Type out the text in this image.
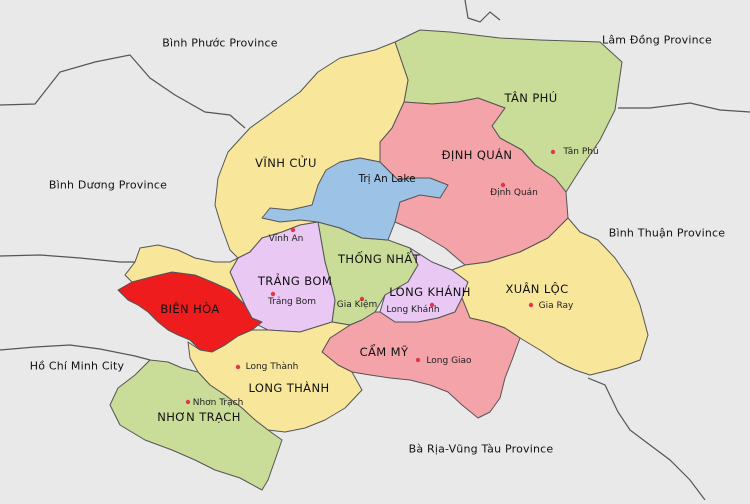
Bình Phước Province	Lâm Đồng Province
Bình Dương Province
Bình Thuận Province
Hồ Chí Minh City
Bà Rịa-Vũng Tàu Province
TÂN PHÚ
ĐỊNH QUÁN
VĨNH CỬU
THỐNG NHẤT
TRẢNG BOM
LONG KHÁNH	XUÂN LỘC
BIÊN HÒA
CẨM MỸ
LONG THÀNH
NHƠN TRẠCH
Trị An Lake
Tân Phú
Định Quán
Vĩnh An
Gia Kiệm
Trảng Bom
Long Khánh	Gia Ray
Long Giao
Long Thành
Nhơn Trạch
